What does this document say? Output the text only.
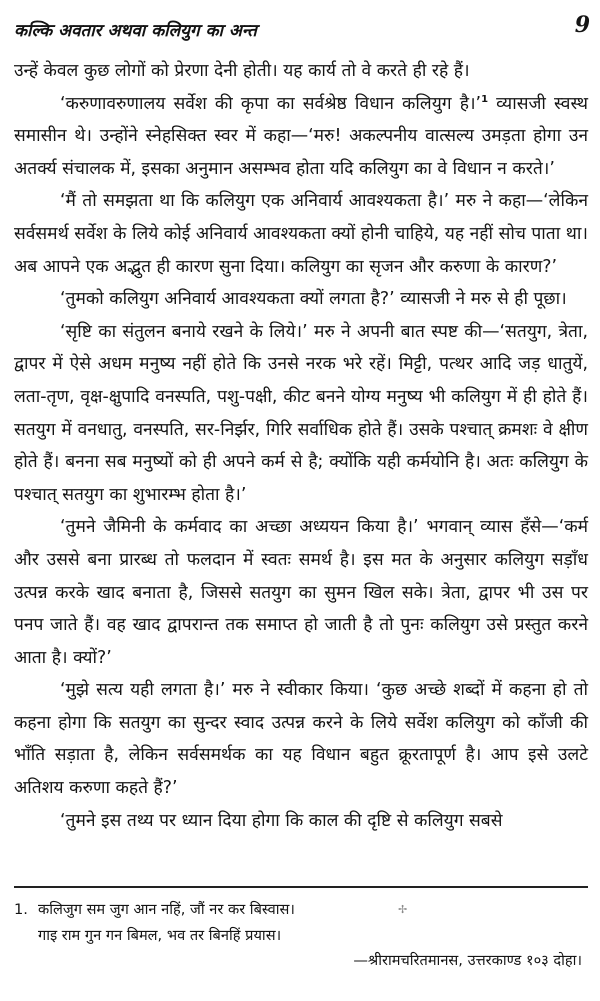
कल्कि अवतार अथवा कलियुग का अन्त	9

उन्हें केवल कुछ लोगों को प्रेरणा देनी होती। यह कार्य तो वे करते ही रहे हैं।

‘करुणावरुणालय सर्वेश की कृपा का सर्वश्रेष्ठ विधान कलियुग है।’$^1$ व्यासजी स्वस्थ समासीन थे। उन्होंने स्नेहसिक्त स्वर में कहा—‘मरु! अकल्पनीय वात्सल्य उमड़ता होगा उन अतर्क्य संचालक में, इसका अनुमान असम्भव होता यदि कलियुग का वे विधान न करते।’

‘मैं तो समझता था कि कलियुग एक अनिवार्य आवश्यकता है।’ मरु ने कहा—‘लेकिन सर्वसमर्थ सर्वेश के लिये कोई अनिवार्य आवश्यकता क्यों होनी चाहिये, यह नहीं सोच पाता था। अब आपने एक अद्भुत ही कारण सुना दिया। कलियुग का सृजन और करुणा के कारण?’

‘तुमको कलियुग अनिवार्य आवश्यकता क्यों लगता है?’ व्यासजी ने मरु से ही पूछा।

‘सृष्टि का संतुलन बनाये रखने के लिये।’ मरु ने अपनी बात स्पष्ट की—‘सतयुग, त्रेता, द्वापर में ऐसे अधम मनुष्य नहीं होते कि उनसे नरक भरे रहें। मिट्टी, पत्थर आदि जड़ धातुयें, लता-तृण, वृक्ष-क्षुपादि वनस्पति, पशु-पक्षी, कीट बनने योग्य मनुष्य भी कलियुग में ही होते हैं। सतयुग में वनधातु, वनस्पति, सर-निर्झर, गिरि सर्वाधिक होते हैं। उसके पश्चात् क्रमशः वे क्षीण होते हैं। बनना सब मनुष्यों को ही अपने कर्म से है; क्योंकि यही कर्मयोनि है। अतः कलियुग के पश्चात् सतयुग का शुभारम्भ होता है।’

‘तुमने जैमिनी के कर्मवाद का अच्छा अध्ययन किया है।’ भगवान् व्यास हँसे—‘कर्म और उससे बना प्रारब्ध तो फलदान में स्वतः समर्थ है। इस मत के अनुसार कलियुग सड़ाँध उत्पन्न करके खाद बनाता है, जिससे सतयुग का सुमन खिल सके। त्रेता, द्वापर भी उस पर पनप जाते हैं। वह खाद द्वापरान्त तक समाप्त हो जाती है तो पुनः कलियुग उसे प्रस्तुत करने आता है। क्यों?’

‘मुझे सत्य यही लगता है।’ मरु ने स्वीकार किया। ‘कुछ अच्छे शब्दों में कहना हो तो कहना होगा कि सतयुग का सुन्दर स्वाद उत्पन्न करने के लिये सर्वेश कलियुग को काँजी की भाँति सड़ाता है, लेकिन सर्वसमर्थक का यह विधान बहुत क्रूरतापूर्ण है। आप इसे उलटे अतिशय करुणा कहते हैं?’

‘तुमने इस तथ्य पर ध्यान दिया होगा कि काल की दृष्टि से कलियुग सबसे

1. कलिजुग सम जुग आन नहिं, जौं नर कर बिस्वास।

गाइ राम गुन गन बिमल, भव तर बिनहिं प्रयास।

—श्रीरामचरितमानस, उत्तरकाण्ड १०३ दोहा।

✢
